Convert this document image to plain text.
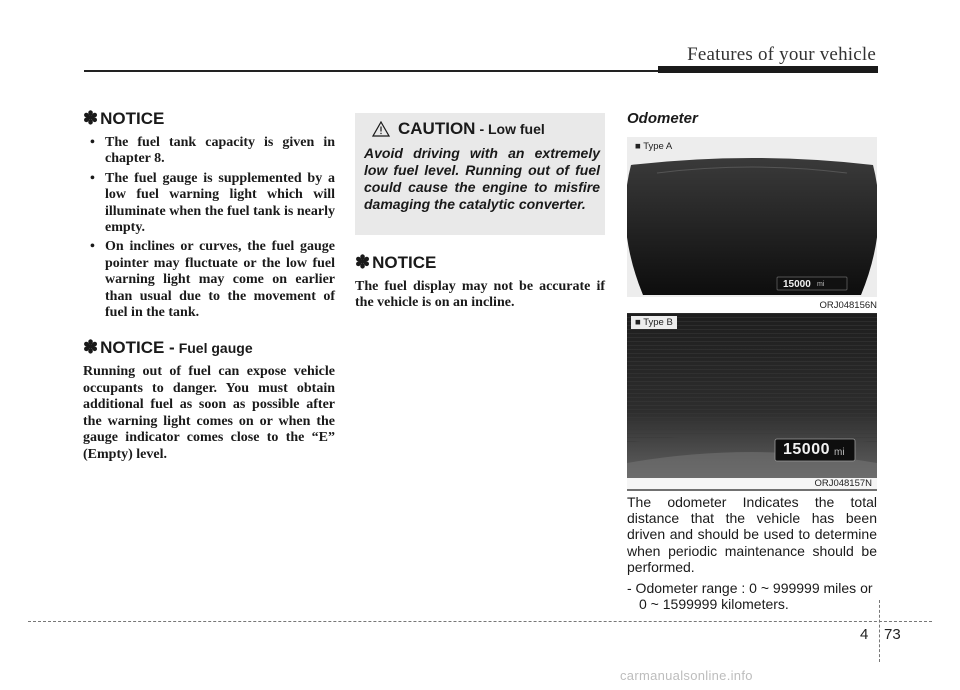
Features of your vehicle
✽ NOTICE
• The fuel tank capacity is given in chapter 8.
• The fuel gauge is supplemented by a low fuel warning light which will illuminate when the fuel tank is nearly empty.
• On inclines or curves, the fuel gauge pointer may fluctuate or the low fuel warning light may come on earlier than usual due to the movement of fuel in the tank.
✽ NOTICE - Fuel gauge

Running out of fuel can expose vehicle occupants to danger. You must obtain additional fuel as soon as possible after the warning light comes on or when the gauge indicator comes close to the “E” (Empty) level.

CAUTION - Low fuel
Avoid driving with an extremely low fuel level. Running out of fuel could cause the engine to misfire damaging the catalytic converter.
✽ NOTICE

The fuel display may not be accurate if the vehicle is on an incline.

Odometer
■ Type A
15000 mi
ORJ048156N
■ Type B
15000 mi
ORJ048157N

The odometer Indicates the total distance that the vehicle has been driven and should be used to determine when periodic maintenance should be performed.

- Odometer range : 0 ~ 999999 miles or 0 ~ 1599999 kilometers.

4 73
carmanualsonline.info
